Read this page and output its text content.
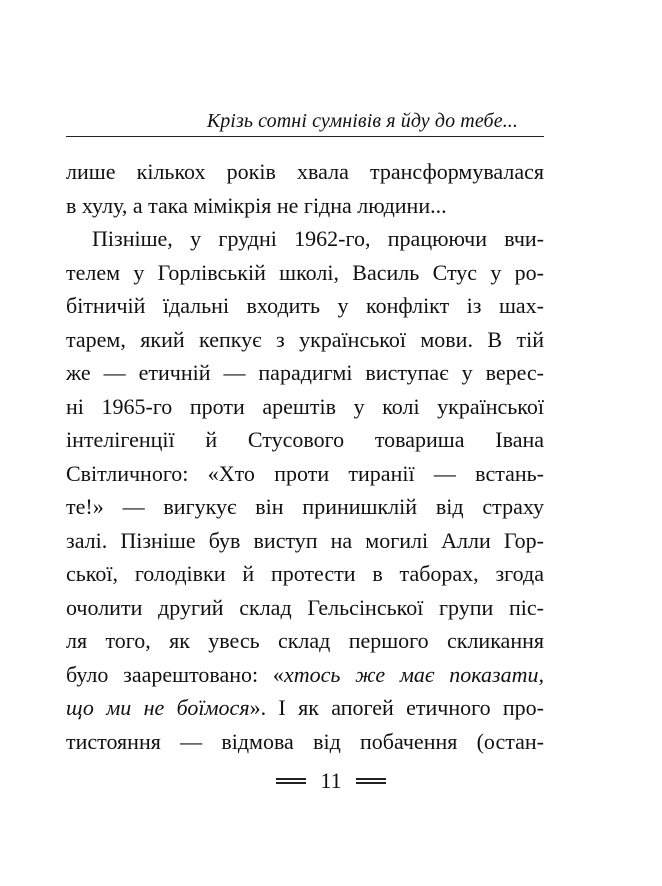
Крізь сотні сумнівів я йду до тебе...
лише кількох років хвала трансформувалася
в хулу, а така мімікрія не гідна людини...
Пізніше, у грудні 1962-го, працюючи вчи-
телем у Горлівській школі, Василь Стус у ро-
бітничій їдальні входить у конфлікт із шах-
тарем, який кепкує з української мови. В тій
же — етичній — парадигмі виступає у верес-
ні 1965-го проти арештів у колі української
інтелігенції й Стусового товариша Івана
Світличного: «Хто проти тиранії — встань-
те!» — вигукує він принишклій від страху
залі. Пізніше був виступ на могилі Алли Гор-
ської, голодівки й протести в таборах, згода
очолити другий склад Гельсінської групи піс-
ля того, як увесь склад першого скликання
було заарештовано: «хтось же має показати,
що ми не боїмося». І як апогей етичного про-
тистояння — відмова від побачення (остан-
11
